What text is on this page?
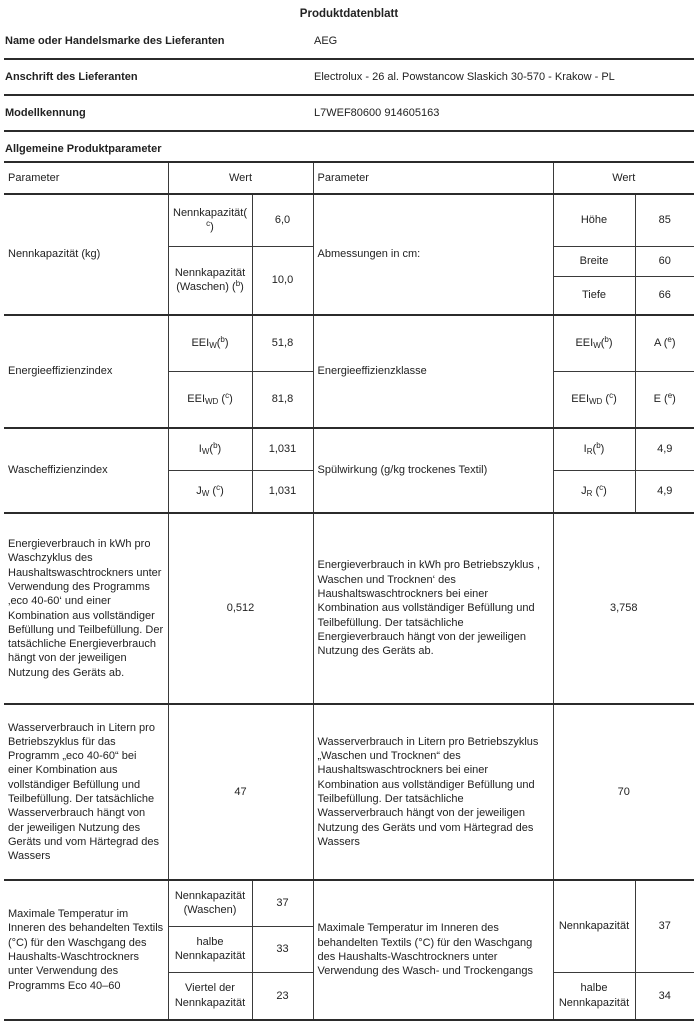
Produktdatenblatt
Name oder Handelsmarke des Lieferanten	AEG
Anschrift des Lieferanten	Electrolux - 26 al. Powstancow Slaskich 30-570 - Krakow - PL
Modellkennung	L7WEF80600 914605163
Allgemeine Produktparameter
Parameter	Wert		Parameter	Wert	
Nennkapazität (kg)	Nennkapazität($^c$)	6,0	Abmessungen in cm:	Höhe	85
	Nennkapazität (Waschen) ($^b$)	10,0		Breite	60
				Tiefe	66
Energieeffizienzindex	$EEI_W(^b)$	51,8	Energieeffizienzklasse	$EEI_W(^b)$	A ($^e$)
	$EEI_{WD}$ ($^c$)	81,8		$EEI_{WD}$ ($^c$)	E ($^e$)
Wascheffizienzindex	$I_W(^b)$	1,031	Spülwirkung (g/kg trockenes Textil)	$I_R(^b)$	4,9
	$J_W$ ($^c$)	1,031		$J_R$ ($^c$)	4,9
Energieverbrauch in kWh pro Waschzyklus des Haushaltswaschtrockners unter Verwendung des Programms ‚eco 40-60‘ und einer Kombination aus vollständiger Befüllung und Teilbefüllung. Der tatsächliche Energieverbrauch hängt von der jeweiligen Nutzung des Geräts ab.	0,512	Energieverbrauch in kWh pro Betriebszyklus , Waschen und Trocknen‘ des Haushaltswaschtrockners bei einer Kombination aus vollständiger Befüllung und Teilbefüllung. Der tatsächliche Energieverbrauch hängt von der jeweiligen Nutzung des Geräts ab.	3,758
Wasserverbrauch in Litern pro Betriebszyklus für das Programm „eco 40-60“ bei einer Kombination aus vollständiger Befüllung und Teilbefüllung. Der tatsächliche Wasserverbrauch hängt von der jeweiligen Nutzung des Geräts und vom Härtegrad des Wassers	47	Wasserverbrauch in Litern pro Betriebszyklus „Waschen und Trocknen“ des Haushaltswaschtrockners bei einer Kombination aus vollständiger Befüllung und Teilbefüllung. Der tatsächliche Wasserverbrauch hängt von der jeweiligen Nutzung des Geräts und vom Härtegrad des Wassers	70
Maximale Temperatur im Inneren des behandelten Textils (°C) für den Waschgang des Haushalts-Waschtrockners unter Verwendung des Programms Eco 40–60	Nennkapazität (Waschen)	37	Maximale Temperatur im Inneren des behandelten Textils (°C) für den Waschgang des Haushalts-Waschtrockners unter Verwendung des Wasch- und Trockengangs	Nennkapazität	37
	halbe Nennkapazität	33			
	Viertel der Nennkapazität	23		halbe Nennkapazität	34
